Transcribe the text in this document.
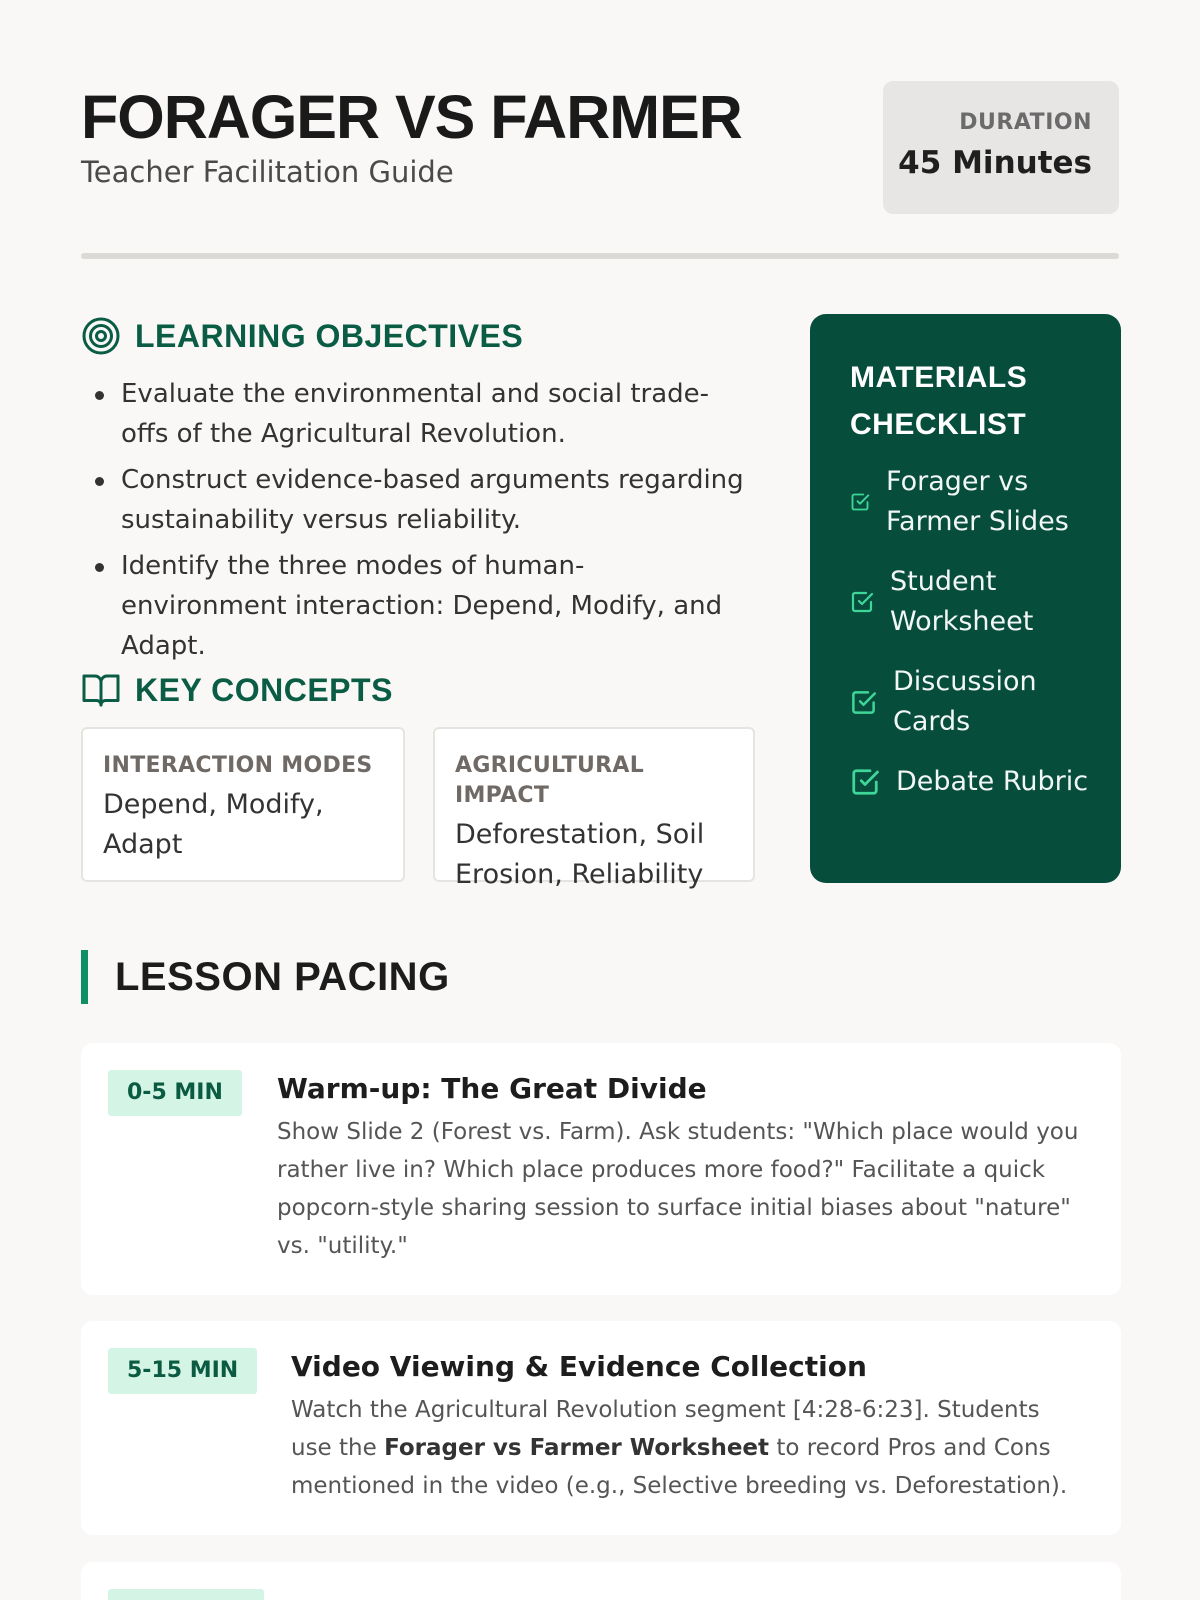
FORAGER VS FARMER
Teacher Facilitation Guide
DURATION
45 Minutes
LEARNING OBJECTIVES
Evaluate the environmental and social trade-offs of the Agricultural Revolution.
Construct evidence-based arguments regarding sustainability versus reliability.
Identify the three modes of human-environment interaction: Depend, Modify, and Adapt.
KEY CONCEPTS
INTERACTION MODES
Depend, Modify, Adapt
AGRICULTURAL IMPACT
Deforestation, Soil Erosion, Reliability
MATERIALS CHECKLIST
Forager vs Farmer Slides
Student Worksheet
Discussion Cards
Debate Rubric
LESSON PACING
0-5 MIN	Warm-up: The Great Divide
Show Slide 2 (Forest vs. Farm). Ask students: "Which place would you rather live in? Which place produces more food?" Facilitate a quick popcorn-style sharing session to surface initial biases about "nature" vs. "utility."
5-15 MIN	Video Viewing & Evidence Collection
Watch the Agricultural Revolution segment [4:28-6:23]. Students use the Forager vs Farmer Worksheet to record Pros and Cons mentioned in the video (e.g., Selective breeding vs. Deforestation).
